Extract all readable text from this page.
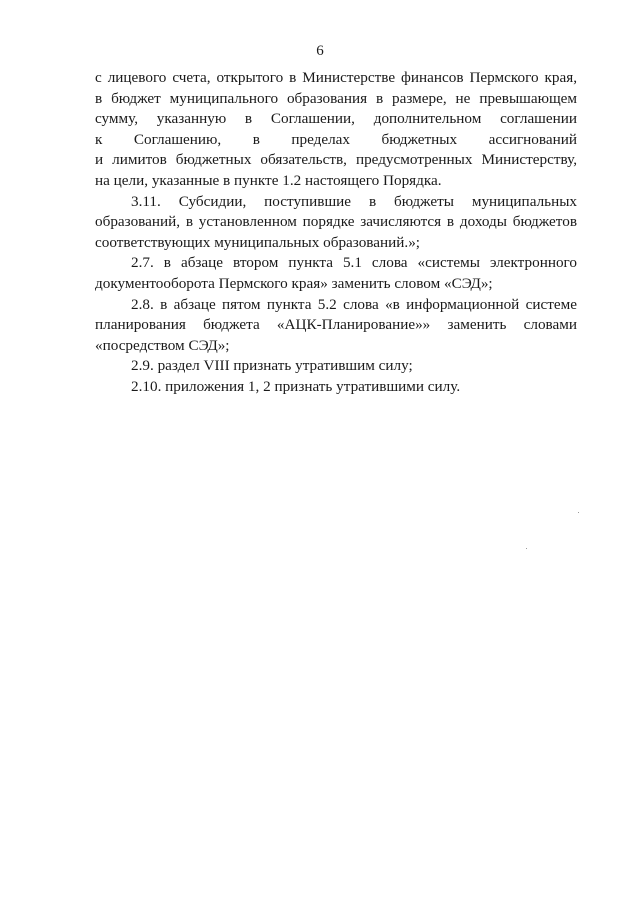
6
с лицевого счета, открытого в Министерстве финансов Пермского края,
в бюджет муниципального образования в размере, не превышающем
сумму, указанную в Соглашении, дополнительном соглашении
к Соглашению, в пределах бюджетных ассигнований
и лимитов бюджетных обязательств, предусмотренных Министерству,
на цели, указанные в пункте 1.2 настоящего Порядка.
3.11. Субсидии, поступившие в бюджеты муниципальных
образований, в установленном порядке зачисляются в доходы бюджетов
соответствующих муниципальных образований.»;
2.7. в абзаце втором пункта 5.1 слова «системы электронного
документооборота Пермского края» заменить словом «СЭД»;
2.8. в абзаце пятом пункта 5.2 слова «в информационной системе
планирования бюджета «АЦК-Планирование»» заменить словами
«посредством СЭД»;
2.9. раздел VIII признать утратившим силу;
2.10. приложения 1, 2 признать утратившими силу.
